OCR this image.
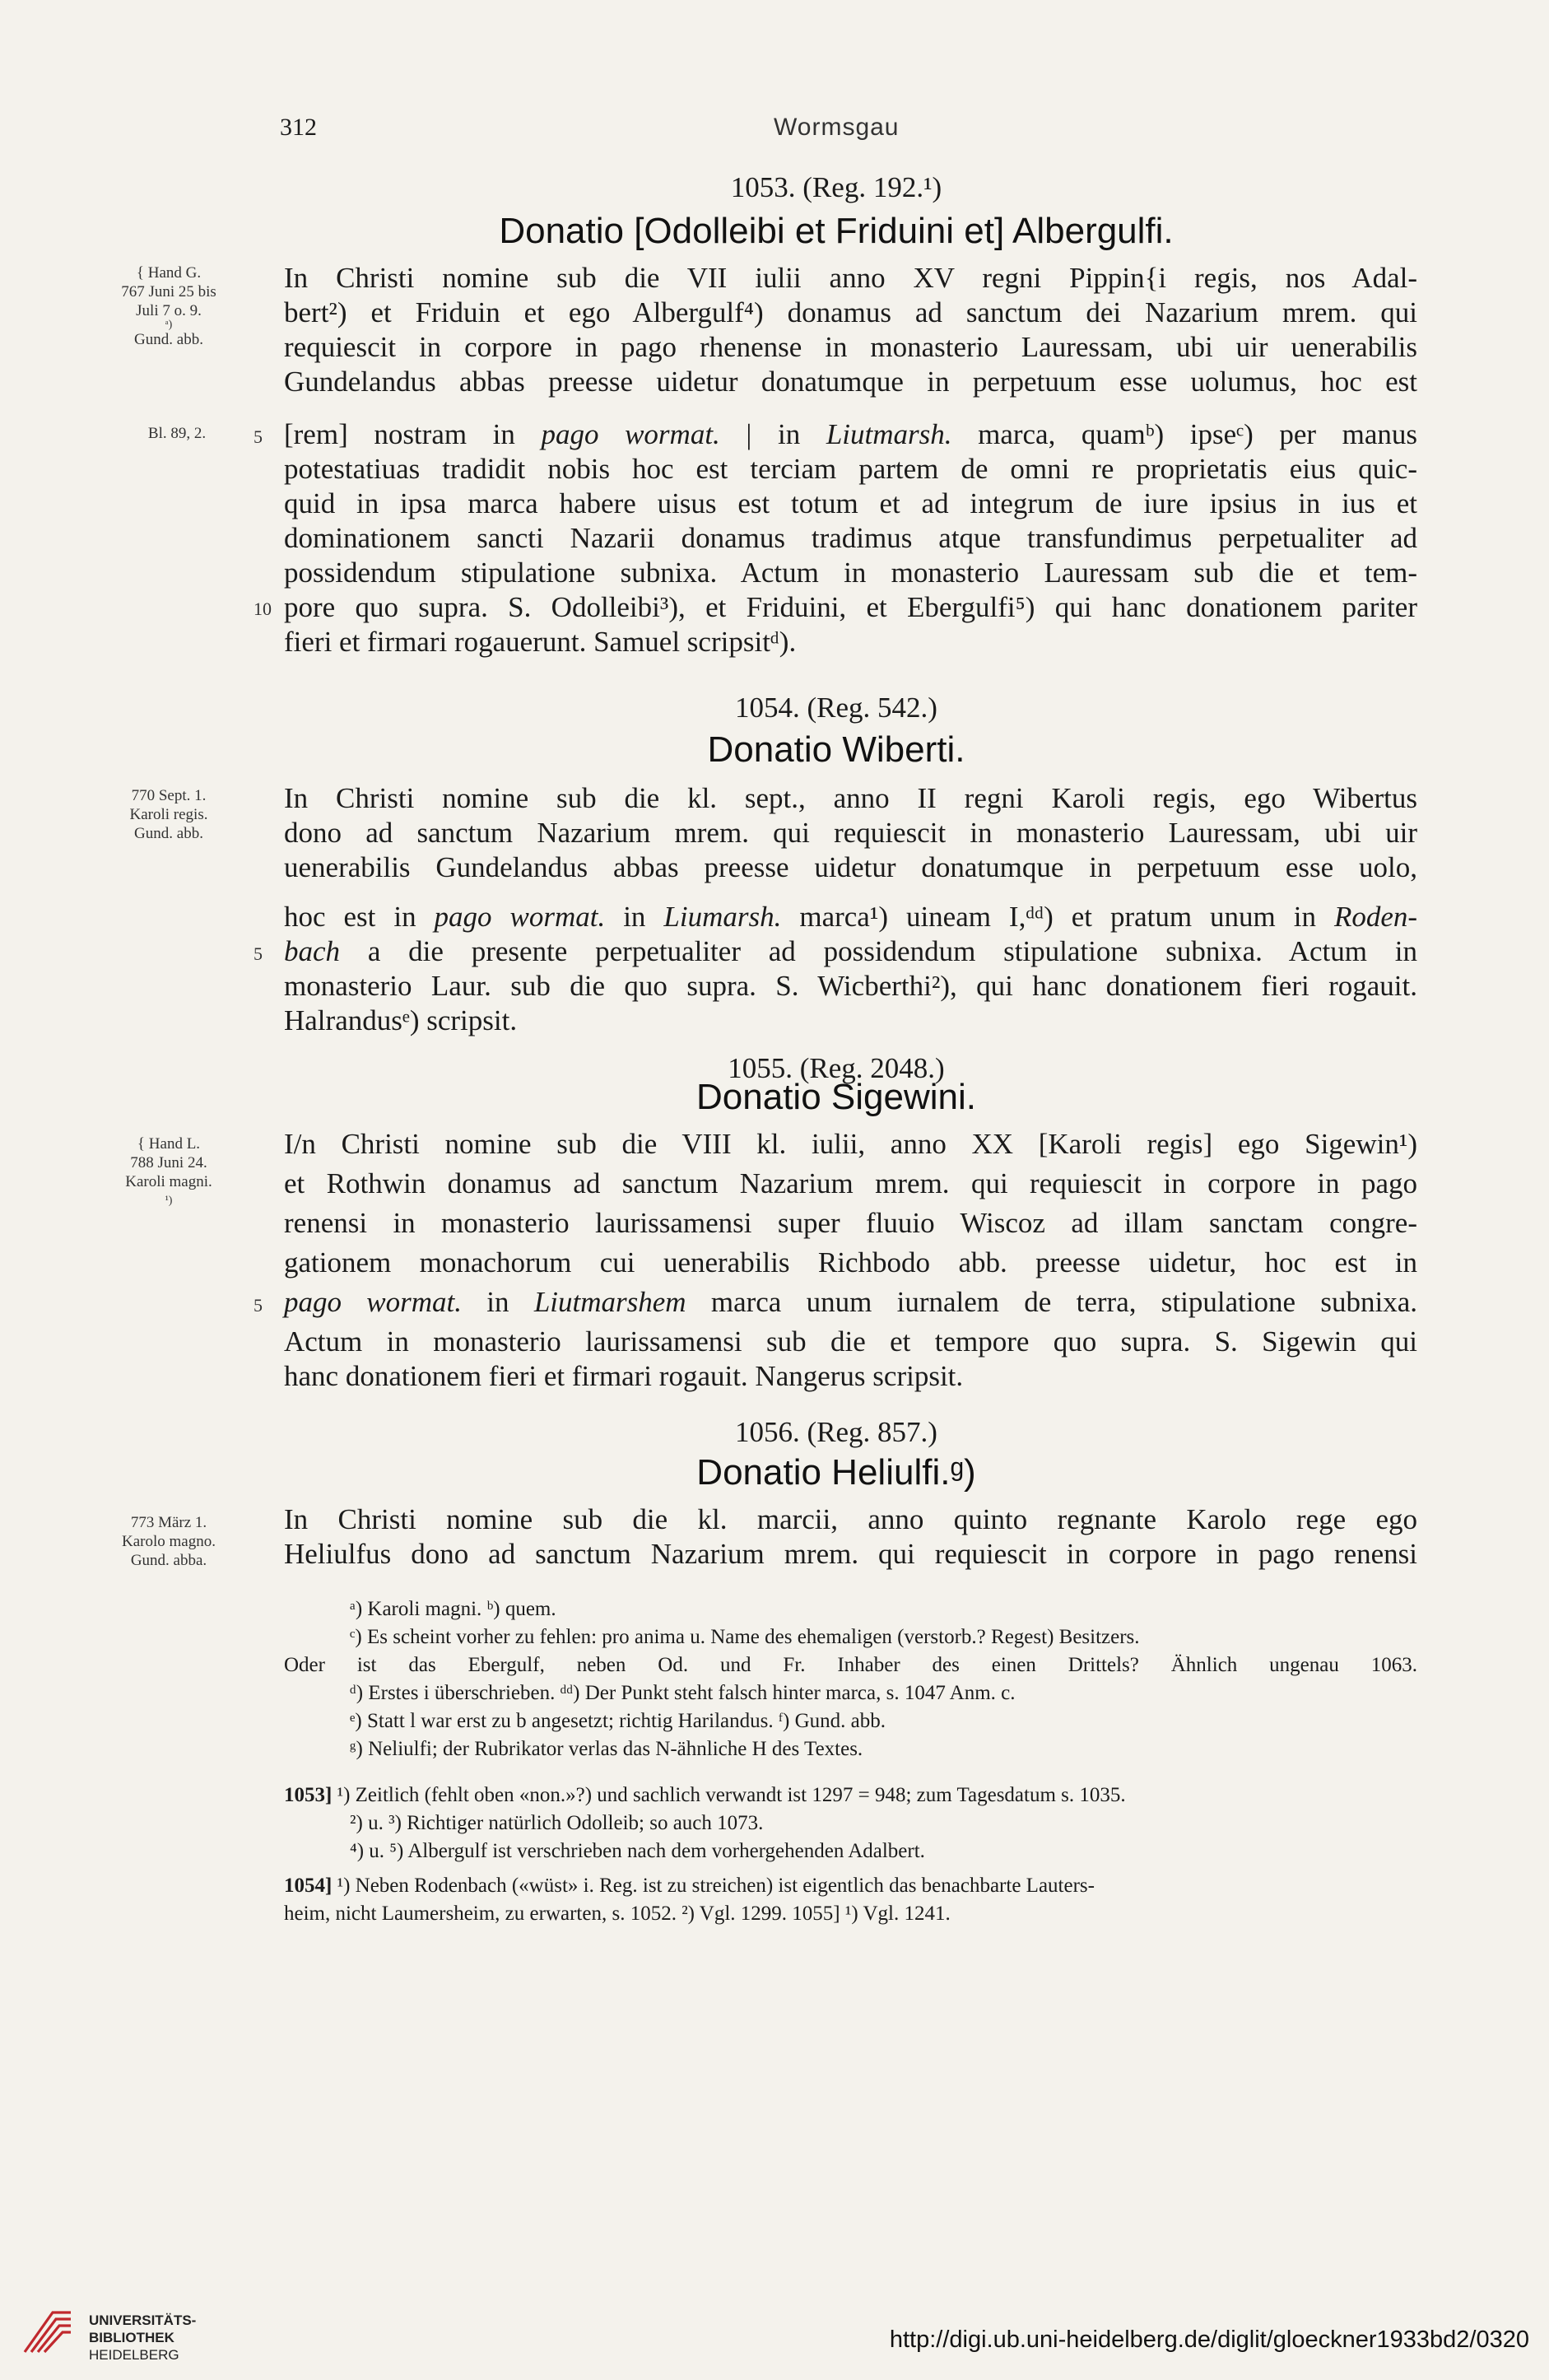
312	Wormsgau
1053. (Reg. 192.¹)
Donatio [Odolleibi et Friduini et] Albergulfi.
{ Hand G.
767 Juni 25 bis
Juli 7 o. 9.
ᵃ)
Gund. abb.
Bl. 89, 2.	5
10
In Christi nomine sub die VII iulii anno XV regni Pippin{i regis, nos Adal-
bert²) et Friduin et ego Albergulf⁴) donamus ad sanctum dei Nazarium mrem. qui
requiescit in corpore in pago rhenense in monasterio Lauressam, ubi uir uenerabilis
Gundelandus abbas preesse uidetur donatumque in perpetuum esse uolumus, hoc est
[rem] nostram in pago wormat. | in Liutmarsh. marca, quamᵇ) ipseᶜ) per manus
potestatiuas tradidit nobis hoc est terciam partem de omni re proprietatis eius quic-
quid in ipsa marca habere uisus est totum et ad integrum de iure ipsius in ius et
dominationem sancti Nazarii donamus tradimus atque transfundimus perpetualiter ad
possidendum stipulatione subnixa. Actum in monasterio Lauressam sub die et tem-
pore quo supra. S. Odolleibi³), et Friduini, et Ebergulfi⁵) qui hanc donationem pariter
fieri et firmari rogauerunt. Samuel scripsitᵈ).
1054. (Reg. 542.)
Donatio Wiberti.
770 Sept. 1.
Karoli regis.
Gund. abb.
5
In Christi nomine sub die kl. sept., anno II regni Karoli regis, ego Wibertus
dono ad sanctum Nazarium mrem. qui requiescit in monasterio Lauressam, ubi uir
uenerabilis Gundelandus abbas preesse uidetur donatumque in perpetuum esse uolo,
hoc est in pago wormat. in Liumarsh. marca¹) uineam I,ᵈᵈ) et pratum unum in Roden-
bach a die presente perpetualiter ad possidendum stipulatione subnixa. Actum in
monasterio Laur. sub die quo supra. S. Wicberthi²), qui hanc donationem fieri rogauit.
Halrandusᵉ) scripsit.
1055. (Reg. 2048.)
Donatio Sigewini.
{ Hand L.
788 Juni 24.
Karoli magni.
¹)
5
I/n Christi nomine sub die VIII kl. iulii, anno XX [Karoli regis] ego Sigewin¹)
et Rothwin donamus ad sanctum Nazarium mrem. qui requiescit in corpore in pago
renensi in monasterio laurissamensi super fluuio Wiscoz ad illam sanctam congre-
gationem monachorum cui uenerabilis Richbodo abb. preesse uidetur, hoc est in
pago wormat. in Liutmarshem marca unum iurnalem de terra, stipulatione subnixa.
Actum in monasterio laurissamensi sub die et tempore quo supra. S. Sigewin qui
hanc donationem fieri et firmari rogauit. Nangerus scripsit.
1056. (Reg. 857.)
Donatio Heliulfi.ᵍ)
773 März 1.
Karolo magno.
Gund. abba.
In Christi nomine sub die kl. marcii, anno quinto regnante Karolo rege ego
Heliulfus dono ad sanctum Nazarium mrem. qui requiescit in corpore in pago renensi
ᵃ) Karoli magni. ᵇ) quem.
ᶜ) Es scheint vorher zu fehlen: pro anima u. Name des ehemaligen (verstorb.? Regest) Besitzers.
Oder ist das Ebergulf, neben Od. und Fr. Inhaber des einen Drittels? Ähnlich ungenau 1063.
ᵈ) Erstes i überschrieben. ᵈᵈ) Der Punkt steht falsch hinter marca, s. 1047 Anm. c.
ᵉ) Statt l war erst zu b angesetzt; richtig Harilandus. ᶠ) Gund. abb.
ᵍ) Neliulfi; der Rubrikator verlas das N-ähnliche H des Textes.
1053] ¹) Zeitlich (fehlt oben «non.»?) und sachlich verwandt ist 1297 = 948; zum Tagesdatum s. 1035.
²) u. ³) Richtiger natürlich Odolleib; so auch 1073.
⁴) u. ⁵) Albergulf ist verschrieben nach dem vorhergehenden Adalbert.
1054] ¹) Neben Rodenbach («wüst» i. Reg. ist zu streichen) ist eigentlich das benachbarte Lauters-
heim, nicht Laumersheim, zu erwarten, s. 1052. ²) Vgl. 1299. 1055] ¹) Vgl. 1241.
UNIVERSITÄTS-
BIBLIOTHEK
HEIDELBERG
http://digi.ub.uni-heidelberg.de/diglit/gloeckner1933bd2/0320
